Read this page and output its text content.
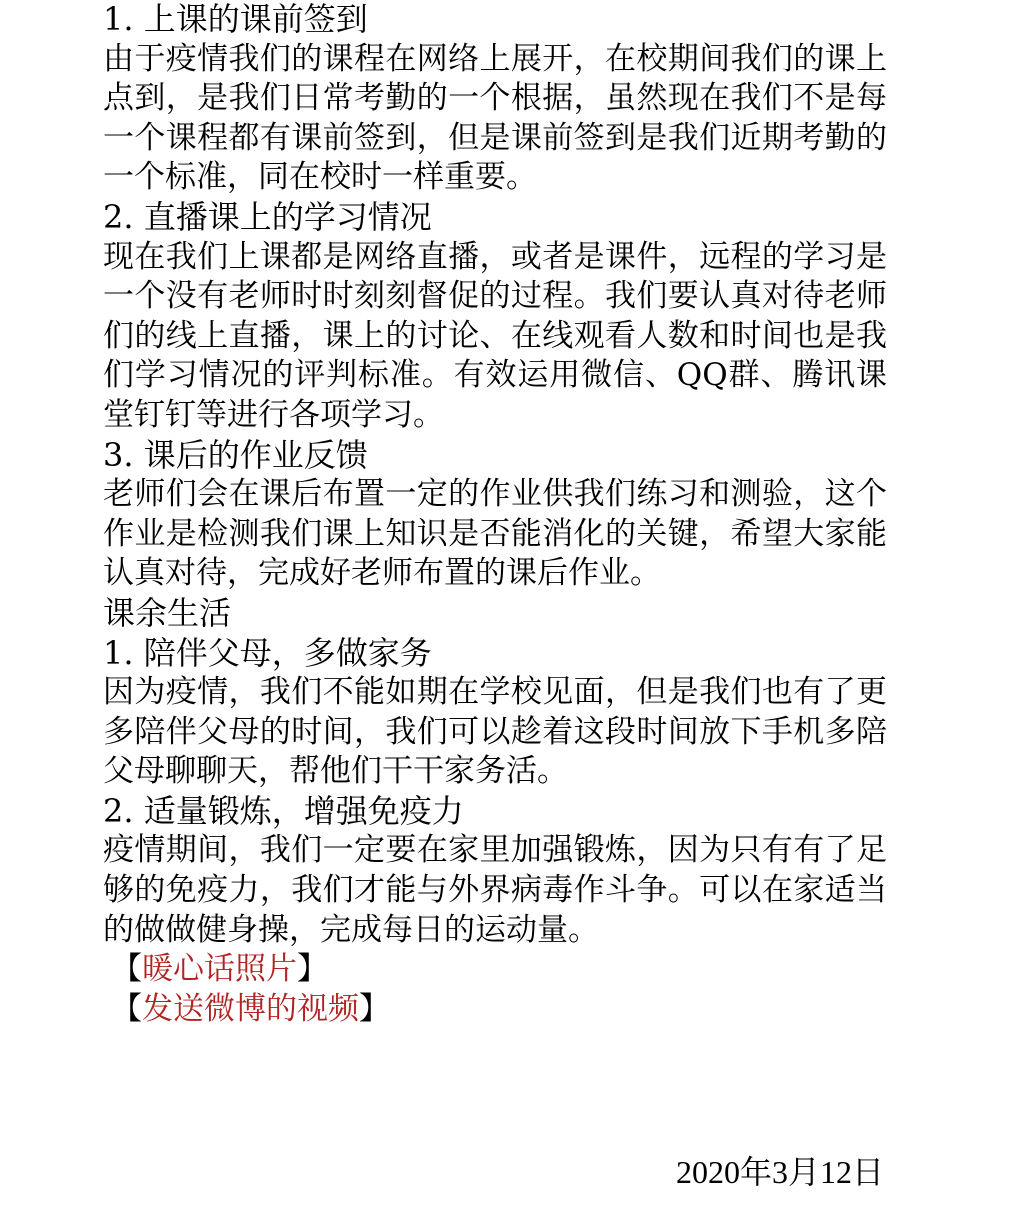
1. 上课的课前签到
由于疫情我们的课程在网络上展开，在校期间我们的课上点到，是我们日常考勤的一个根据，虽然现在我们不是每一个课程都有课前签到，但是课前签到是我们近期考勤的一个标准，同在校时一样重要。
2. 直播课上的学习情况
现在我们上课都是网络直播，或者是课件，远程的学习是一个没有老师时时刻刻督促的过程。我们要认真对待老师们的线上直播，课上的讨论、在线观看人数和时间也是我们学习情况的评判标准。有效运用微信、QQ群、腾讯课堂钉钉等进行各项学习。
3. 课后的作业反馈
老师们会在课后布置一定的作业供我们练习和测验，这个作业是检测我们课上知识是否能消化的关键，希望大家能认真对待，完成好老师布置的课后作业。
课余生活
1. 陪伴父母，多做家务
因为疫情，我们不能如期在学校见面，但是我们也有了更多陪伴父母的时间，我们可以趁着这段时间放下手机多陪父母聊聊天，帮他们干干家务活。
2. 适量锻炼，增强免疫力
疫情期间，我们一定要在家里加强锻炼，因为只有有了足够的免疫力，我们才能与外界病毒作斗争。可以在家适当的做做健身操，完成每日的运动量。
【暖心话照片】
【发送微博的视频】
2020年3月12日
